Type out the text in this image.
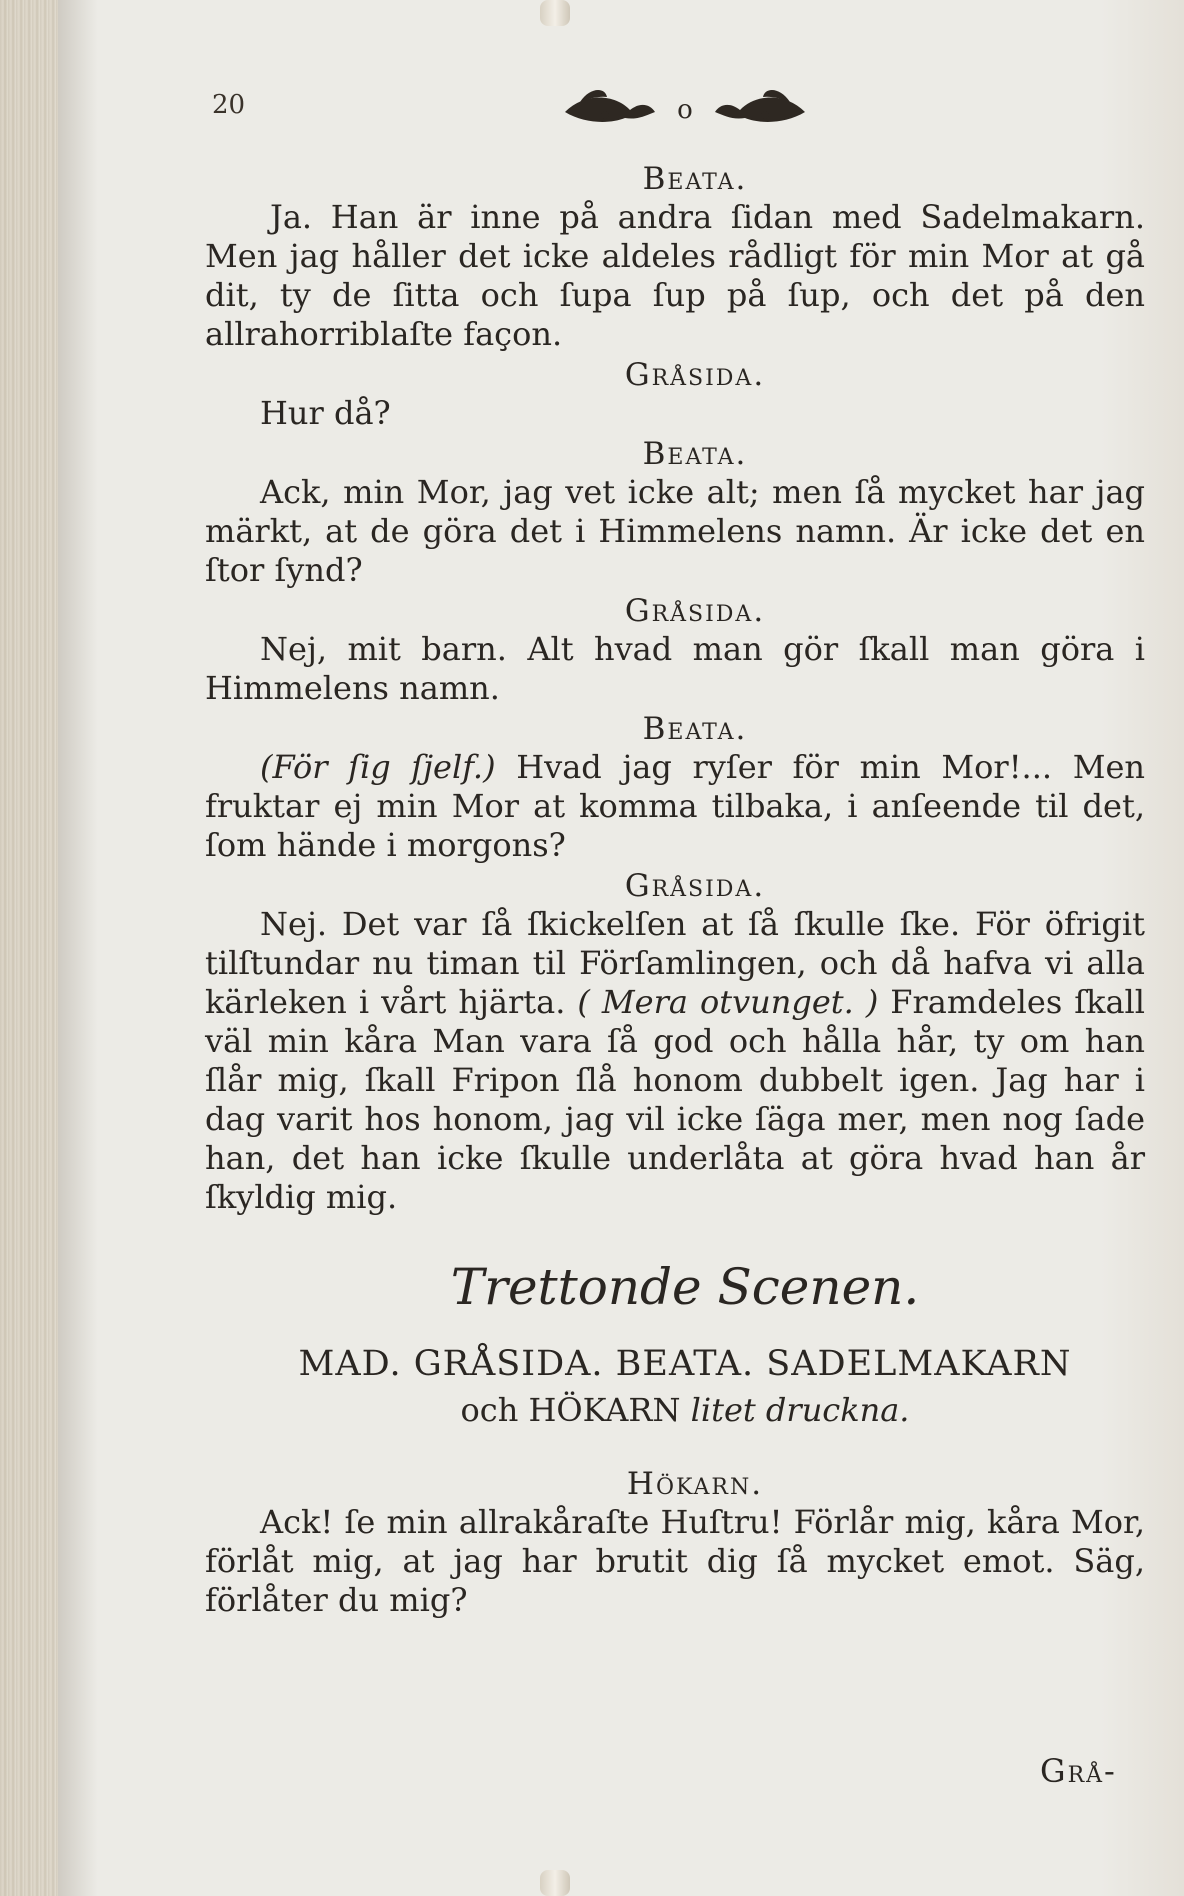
20	o
Beata.

Ja. Han är inne på andra ſidan med Sadelmakarn. Men jag håller det icke aldeles rådligt för min Mor at gå dit, ty de ſitta och ſupa ſup på ſup, och det på den allrahorriblaſte façon.

Gråsida.

Hur då?

Beata.

Ack, min Mor, jag vet icke alt; men ſå mycket har jag märkt, at de göra det i Himmelens namn. Är icke det en ſtor ſynd?

Gråsida.

Nej, mit barn. Alt hvad man gör ſkall man göra i Himmelens namn.

Beata.

(För ſig ſjelf.) Hvad jag ryſer för min Mor!... Men fruktar ej min Mor at komma tilbaka, i anſeende til det, ſom hände i morgons?

Gråsida.

Nej. Det var ſå ſkickelſen at ſå ſkulle ſke. För öfrigit tilſtundar nu timan til Förſamlingen, och då hafva vi alla kärleken i vårt hjärta. ( Mera otvunget. ) Framdeles ſkall väl min kåra Man vara ſå god och hålla hår, ty om han ſlår mig, ſkall Fripon ſlå honom dubbelt igen. Jag har i dag varit hos honom, jag vil icke ſäga mer, men nog ſade han, det han icke ſkulle underlåta at göra hvad han år ſkyldig mig.

Trettonde Scenen.

MAD. GRÅSIDA. BEATA. SADELMAKARN

och HÖKARN litet druckna.

Hökarn.

Ack! ſe min allrakåraſte Huſtru! Förlår mig, kåra Mor, förlåt mig, at jag har brutit dig ſå mycket emot. Säg, förlåter du mig?

Grå-
